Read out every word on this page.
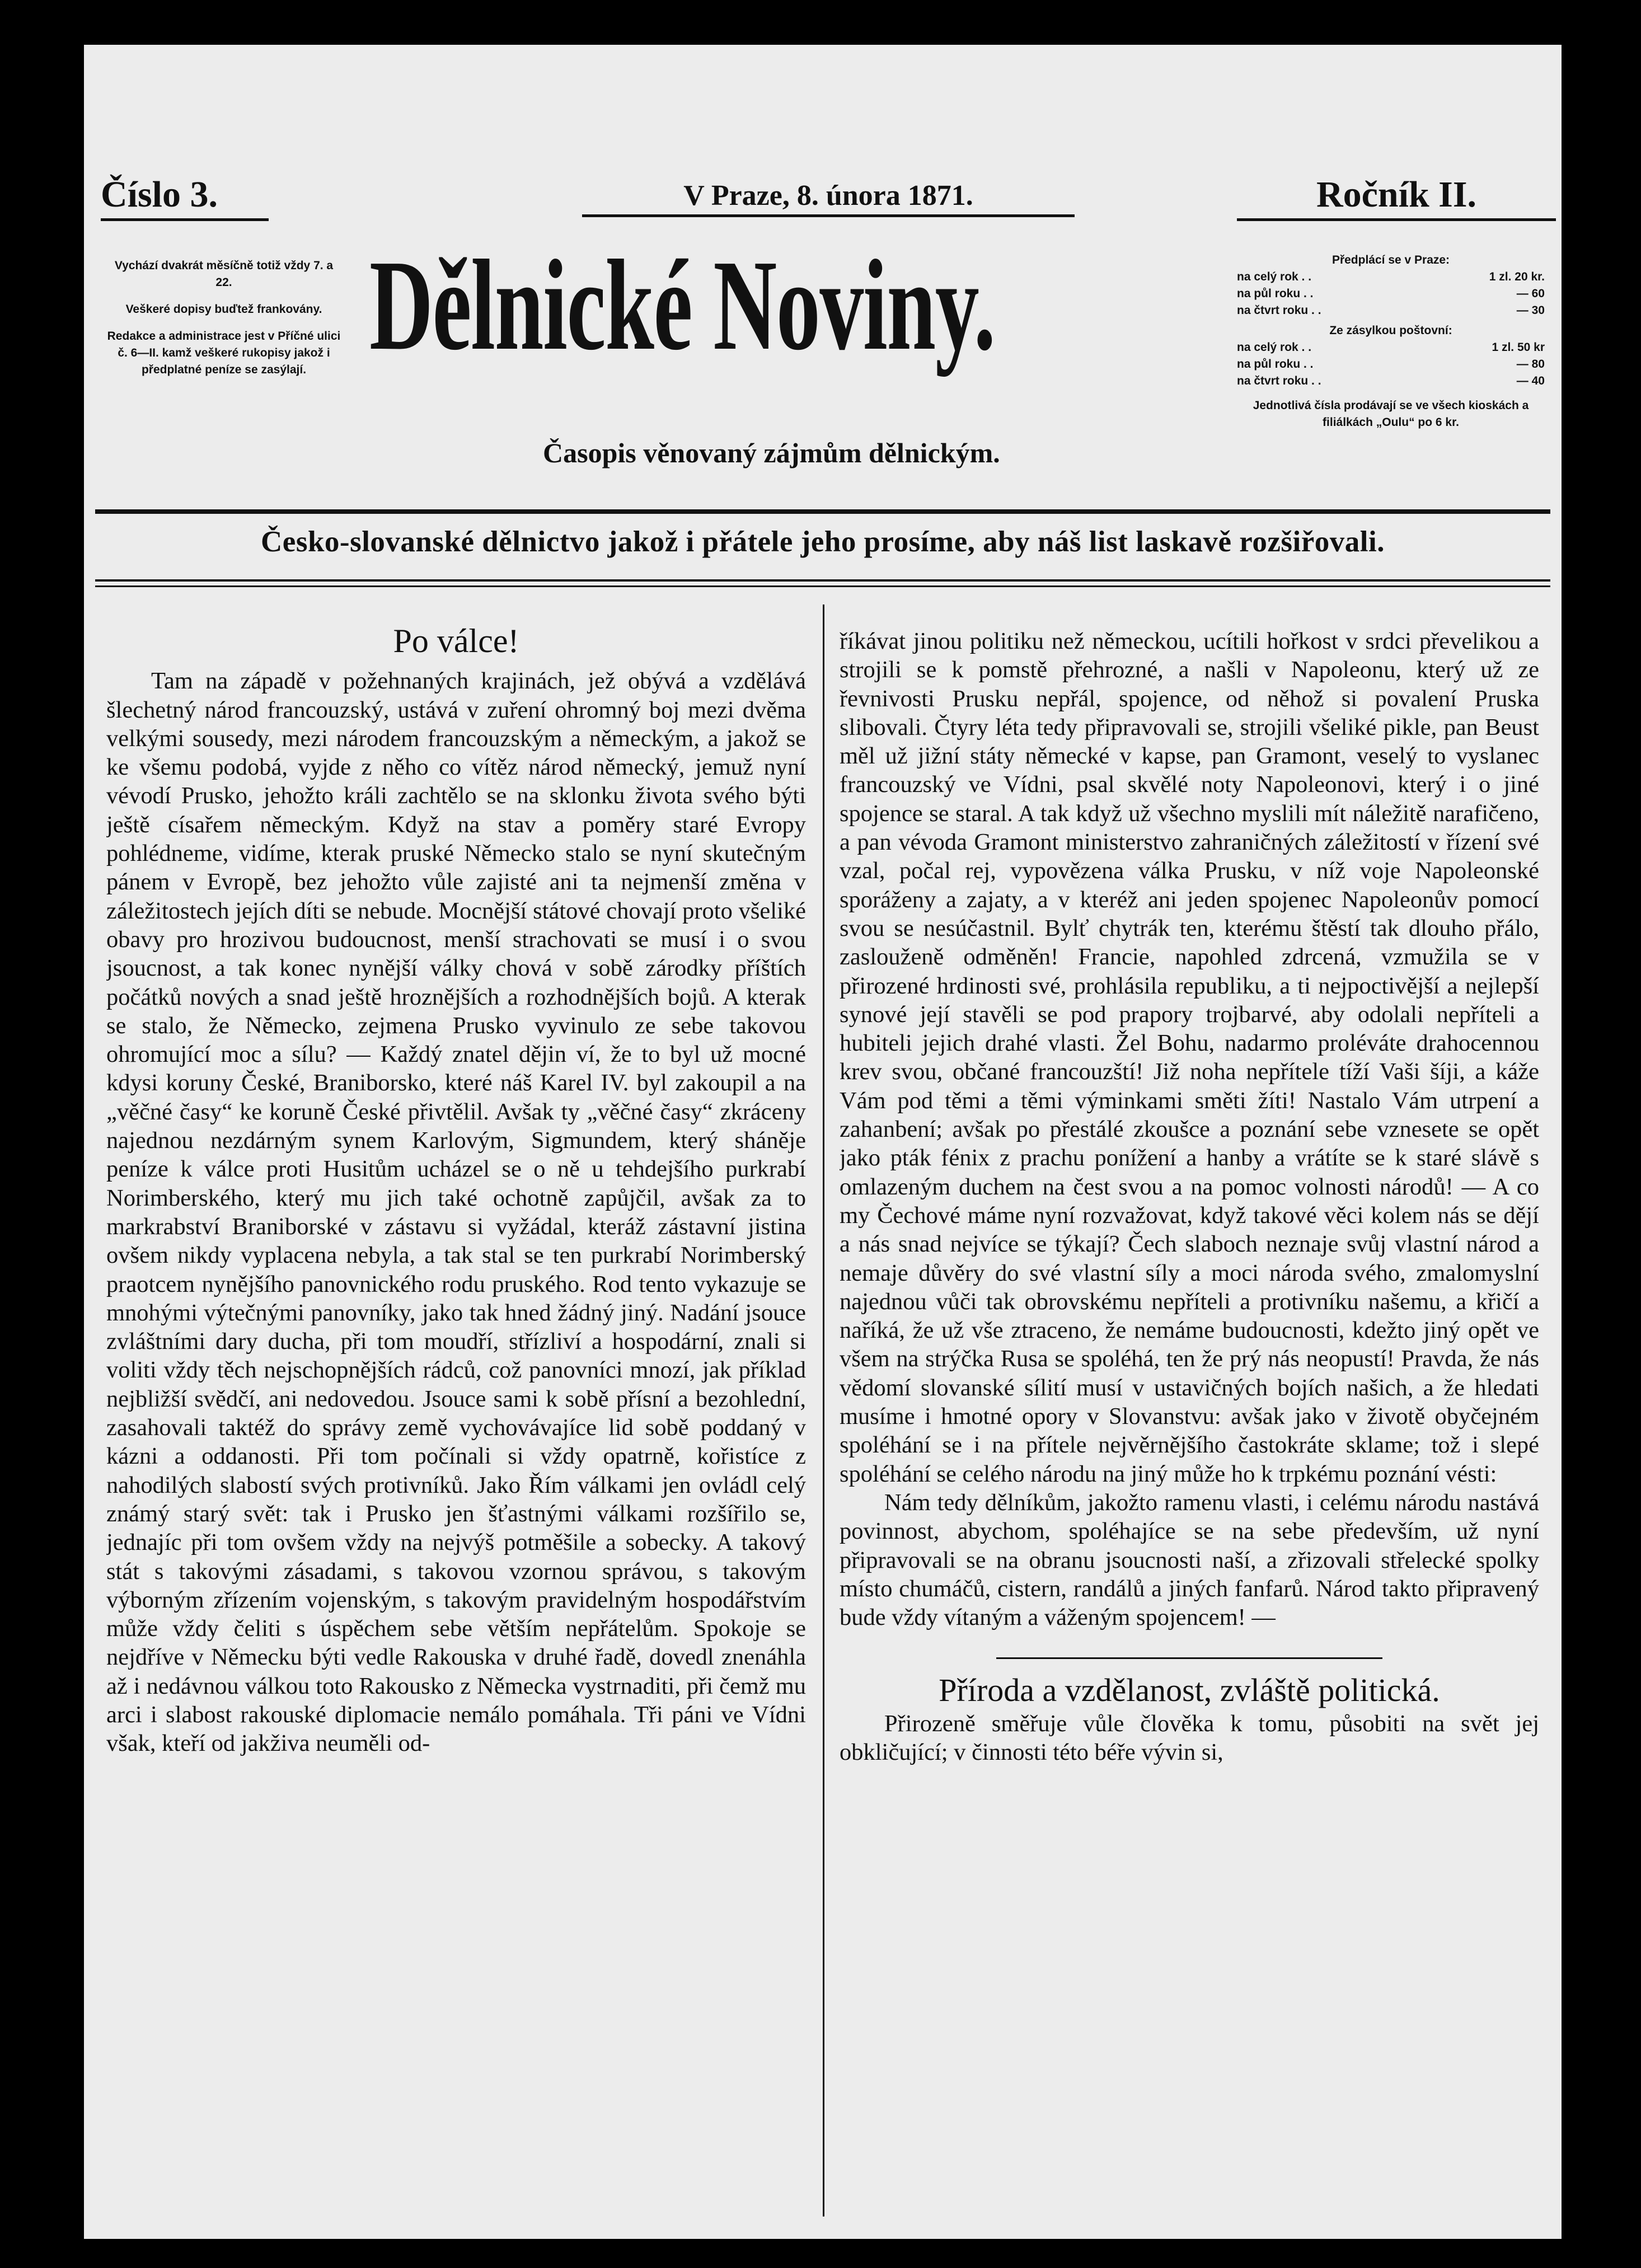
Číslo 3.	V Praze, 8. února 1871.	Ročník II.

Vychází dvakrát měsíčně totiž vždy 7. a 22.

Veškeré dopisy buďtež frankovány.

Redakce a administrace jest v Příčné ulici č. 6—II. kamž veškeré rukopisy jakož i předplatné peníze se zasýlají. Dělnické Noviny.
Časopis věnovaný zájmům dělnickým.
Předplácí se v Praze:
na celý rok . .	1 zl. 20 kr.
na půl roku . .	— 60
na čtvrt roku . .	— 30
Ze zásylkou poštovní:
na celý rok . .	1 zl. 50 kr
na půl roku . .	— 80
na čtvrt roku . .	— 40
Jednotlivá čísla prodávají se ve všech kioskách a filiálkách „Oulu“ po 6 kr.
Česko-slovanské dělnictvo jakož i přátele jeho prosíme, aby náš list laskavě rozšiřovali.
Po válce!

Tam na západě v požehnaných krajinách, jež obývá a vzdělává šlechetný národ francouzský, ustává v zuření ohromný boj mezi dvěma velkými sousedy, mezi národem francouzským a německým, a jakož se ke všemu podobá, vyjde z něho co vítěz národ německý, jemuž nyní vévodí Prusko, jehožto králi zachtělo se na sklonku života svého býti ještě císařem německým. Když na stav a poměry staré Evropy pohlédneme, vidíme, kterak pruské Německo stalo se nyní skutečným pánem v Evropě, bez jehožto vůle zajisté ani ta nejmenší změna v záležitostech jejích díti se nebude. Mocnější státové chovají proto všeliké obavy pro hrozivou budoucnost, menší strachovati se musí i o svou jsoucnost, a tak konec nynější války chová v sobě zárodky příštích počátků nových a snad ještě hroznějších a rozhodnějších bojů. A kterak se stalo, že Německo, zejmena Prusko vyvinulo ze sebe takovou ohromující moc a sílu? — Každý znatel dějin ví, že to byl už mocné kdysi koruny České, Braniborsko, které náš Karel IV. byl zakoupil a na „věčné časy“ ke koruně České přivtělil. Avšak ty „věčné časy“ zkráceny najednou nezdárným synem Karlovým, Sigmundem, který sháněje peníze k válce proti Husitům ucházel se o ně u tehdejšího purkrabí Norimberského, který mu jich také ochotně zapůjčil, avšak za to markrabství Braniborské v zástavu si vyžádal, kteráž zástavní jistina ovšem nikdy vyplacena nebyla, a tak stal se ten purkrabí Norimberský praotcem nynějšího panovnického rodu pruského. Rod tento vykazuje se mnohými výtečnými panovníky, jako tak hned žádný jiný. Nadání jsouce zvláštními dary ducha, při tom moudří, střízliví a hospodární, znali si voliti vždy těch nejschopnějších rádců, což panovníci mnozí, jak příklad nejbližší svědčí, ani nedovedou. Jsouce sami k sobě přísní a bezohlední, zasahovali taktéž do správy země vychovávajíce lid sobě poddaný v kázni a oddanosti. Při tom počínali si vždy opatrně, kořistíce z nahodilých slabostí svých protivníků. Jako Řím válkami jen ovládl celý známý starý svět: tak i Prusko jen šťastnými válkami rozšířilo se, jednajíc při tom ovšem vždy na nejvýš potměšile a sobecky. A takový stát s takovými zásadami, s takovou vzornou správou, s takovým výborným zřízením vojenským, s takovým pravidelným hospodářstvím může vždy čeliti s úspěchem sebe větším nepřátelům. Spokoje se nejdříve v Německu býti vedle Rakouska v druhé řadě, dovedl znenáhla až i nedávnou válkou toto Rakousko z Německa vystrnaditi, při čemž mu arci i slabost rakouské diplomacie nemálo pomáhala. Tři páni ve Vídni však, kteří od jakživa neuměli od-

říkávat jinou politiku než německou, ucítili hořkost v srdci převelikou a strojili se k pomstě přehrozné, a našli v Napoleonu, který už ze řevnivosti Prusku nepřál, spojence, od něhož si povalení Pruska slibovali. Čtyry léta tedy připravovali se, strojili všeliké pikle, pan Beust měl už jižní státy německé v kapse, pan Gramont, veselý to vyslanec francouzský ve Vídni, psal skvělé noty Napoleonovi, který i o jiné spojence se staral. A tak když už všechno myslili mít náležitě narafičeno, a pan vévoda Gramont ministerstvo zahraničných záležitostí v řízení své vzal, počal rej, vypovězena válka Prusku, v níž voje Napoleonské sporáženy a zajaty, a v kteréž ani jeden spojenec Napoleonův pomocí svou se nesúčastnil. Bylť chytrák ten, kterému štěstí tak dlouho přálo, zaslouženě odměněn! Francie, napohled zdrcená, vzmužila se v přirozené hrdinosti své, prohlásila republiku, a ti nejpoctivější a nejlepší synové její stavěli se pod prapory trojbarvé, aby odolali nepříteli a hubiteli jejich drahé vlasti. Žel Bohu, nadarmo proléváte drahocennou krev svou, občané francouzští! Již noha nepřítele tíží Vaši šíji, a káže Vám pod těmi a těmi výminkami směti žíti! Nastalo Vám utrpení a zahanbení; avšak po přestálé zkoušce a poznání sebe vznesete se opět jako pták fénix z prachu ponížení a hanby a vrátíte se k staré slávě s omlazeným duchem na čest svou a na pomoc volnosti národů! — A co my Čechové máme nyní rozvažovat, když takové věci kolem nás se dějí a nás snad nejvíce se týkají? Čech slaboch neznaje svůj vlastní národ a nemaje důvěry do své vlastní síly a moci národa svého, zmalomyslní najednou vůči tak obrovskému nepříteli a protivníku našemu, a křičí a naříká, že už vše ztraceno, že nemáme budoucnosti, kdežto jiný opět ve všem na strýčka Rusa se spoléhá, ten že prý nás neopustí! Pravda, že nás vědomí slovanské sílití musí v ustavičných bojích našich, a že hledati musíme i hmotné opory v Slovanstvu: avšak jako v životě obyčejném spoléhání se i na přítele nejvěrnějšího častokráte sklame; tož i slepé spoléhání se celého národu na jiný může ho k trpkému poznání vésti:

Nám tedy dělníkům, jakožto ramenu vlasti, i celému národu nastává povinnost, abychom, spoléhajíce se na sebe především, už nyní připravovali se na obranu jsoucnosti naší, a zřizovali střelecké spolky místo chumáčů, cistern, randálů a jiných fanfarů. Národ takto připravený bude vždy vítaným a váženým spojencem! —

Příroda a vzdělanost, zvláště politická.

Přirozeně směřuje vůle člověka k tomu, působiti na svět jej obkličující; v činnosti této béře vývin si,
